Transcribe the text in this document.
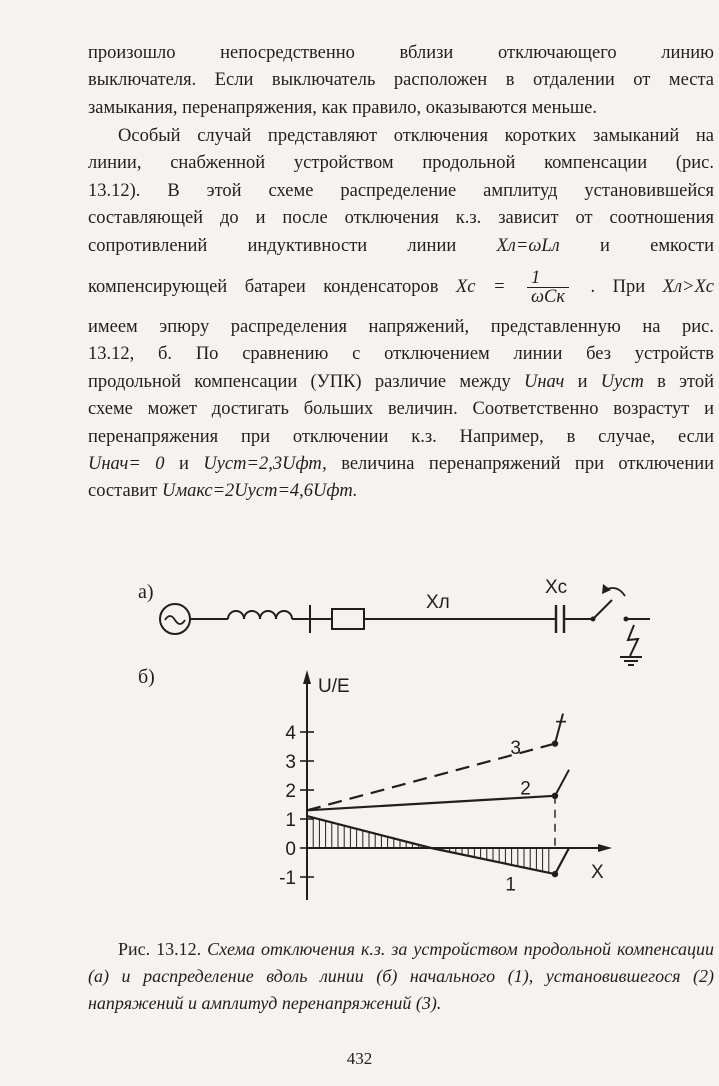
произошло непосредственно вблизи отключающего линию
выключателя. Если выключатель расположен в отдалении от места
замыкания, перенапряжения, как правило, оказываются меньше.
Особый случай представляют отключения коротких замыканий на
линии, снабженной устройством продольной компенсации (рис.
13.12). В этой схеме распределение амплитуд установившейся
составляющей до и после отключения к.з. зависит от соотношения
сопротивлений индуктивности линии Xл=ωLл и емкости
компенсирующей батареи конденсаторов $Xc = \frac{1}{\text{ωCк}}$ . При Xл>Xc
имеем эпюру распределения напряжений, представленную на рис.
13.12, б. По сравнению с отключением линии без устройств
продольной компенсации (УПК) различие между Uнач и Uуст в этой
схеме может достигать больших величин. Соответственно возрастут и
перенапряжения при отключении к.з. Например, в случае, если
Uнач= 0 и Uуст=2,3Uфт, величина перенапряжений при отключении
составит Uмакс=2Uуст=4,6Uфт.
а)	Xл
Xc
б)	U/E
X
4
3
2
1
0
-1	1
2
3
Рис. 13.12. Схема отключения к.з. за устройством продольной компенсации (а) и распределение вдоль линии (б) начального (1), установившегося (2) напряжений и амплитуд перенапряжений (3).
432
